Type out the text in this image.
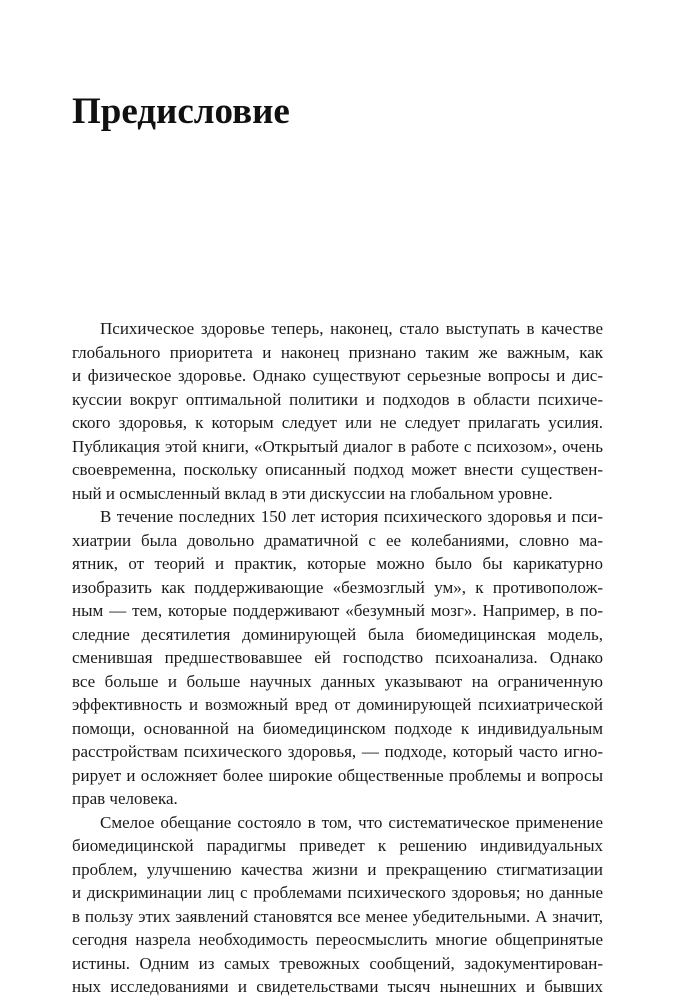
Предисловие

Психическое здоровье теперь, наконец, стало выступать в качестве
глобального приоритета и наконец признано таким же важным, как
и физическое здоровье. Однако существуют серьезные вопросы и дис-
куссии вокруг оптимальной политики и подходов в области психиче-
ского здоровья, к которым следует или не следует прилагать усилия.
Публикация этой книги, «Открытый диалог в работе с психозом», очень
своевременна, поскольку описанный подход может внести существен-
ный и осмысленный вклад в эти дискуссии на глобальном уровне.

В течение последних 150 лет история психического здоровья и пси-
хиатрии была довольно драматичной с ее колебаниями, словно ма-
ятник, от теорий и практик, которые можно было бы карикатурно
изобразить как поддерживающие «безмозглый ум», к противополож-
ным — тем, которые поддерживают «безумный мозг». Например, в по-
следние десятилетия доминирующей была биомедицинская модель,
сменившая предшествовавшее ей господство психоанализа. Однако
все больше и больше научных данных указывают на ограниченную
эффективность и возможный вред от доминирующей психиатрической
помощи, основанной на биомедицинском подходе к индивидуальным
расстройствам психического здоровья, — подходе, который часто игно-
рирует и осложняет более широкие общественные проблемы и вопросы
прав человека.

Смелое обещание состояло в том, что систематическое применение
биомедицинской парадигмы приведет к решению индивидуальных
проблем, улучшению качества жизни и прекращению стигматизации
и дискриминации лиц с проблемами психического здоровья; но данные
в пользу этих заявлений становятся все менее убедительными. А значит,
сегодня назрела необходимость переосмыслить многие общепринятые
истины. Одним из самых тревожных сообщений, задокументирован-
ных исследованиями и свидетельствами тысяч нынешних и бывших
